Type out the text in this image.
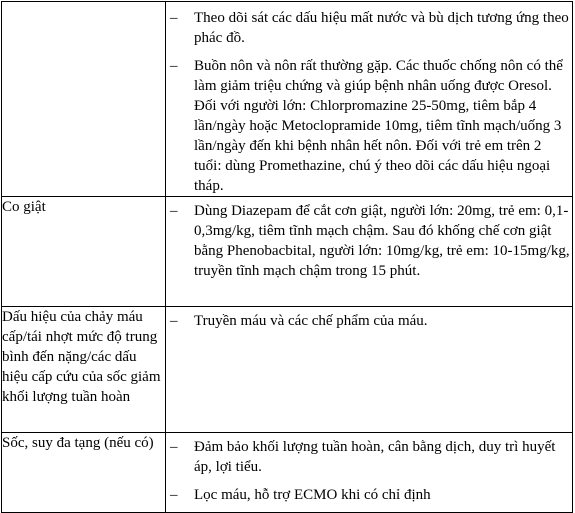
	– Theo dõi sát các dấu hiệu mất nước và bù dịch tương ứng theo phác đồ.
– Buồn nôn và nôn rất thường gặp. Các thuốc chống nôn có thể làm giảm triệu chứng và giúp bệnh nhân uống được Oresol. Đối với người lớn: Chlorpromazine 25-50mg, tiêm bắp 4 lần/ngày hoặc Metoclopramide 10mg, tiêm tĩnh mạch/uống 3 lần/ngày đến khi bệnh nhân hết nôn. Đối với trẻ em trên 2 tuổi: dùng Promethazine, chú ý theo dõi các dấu hiệu ngoại tháp.

Co giật	– Dùng Diazepam để cắt cơn giật, người lớn: 20mg, trẻ em: 0,1-0,3mg/kg, tiêm tĩnh mạch chậm. Sau đó khống chế cơn giật bằng Phenobacbital, người lớn: 10mg/kg, trẻ em: 10-15mg/kg, truyền tĩnh mạch chậm trong 15 phút.

Dấu hiệu của chảy máu cấp/tái nhợt mức độ trung bình đến nặng/các dấu hiệu cấp cứu của sốc giảm khối lượng tuần hoàn	– Truyền máu và các chế phẩm của máu.

Sốc, suy đa tạng (nếu có)	– Đảm bảo khối lượng tuần hoàn, cân bằng dịch, duy trì huyết áp, lợi tiểu.
– Lọc máu, hỗ trợ ECMO khi có chỉ định
